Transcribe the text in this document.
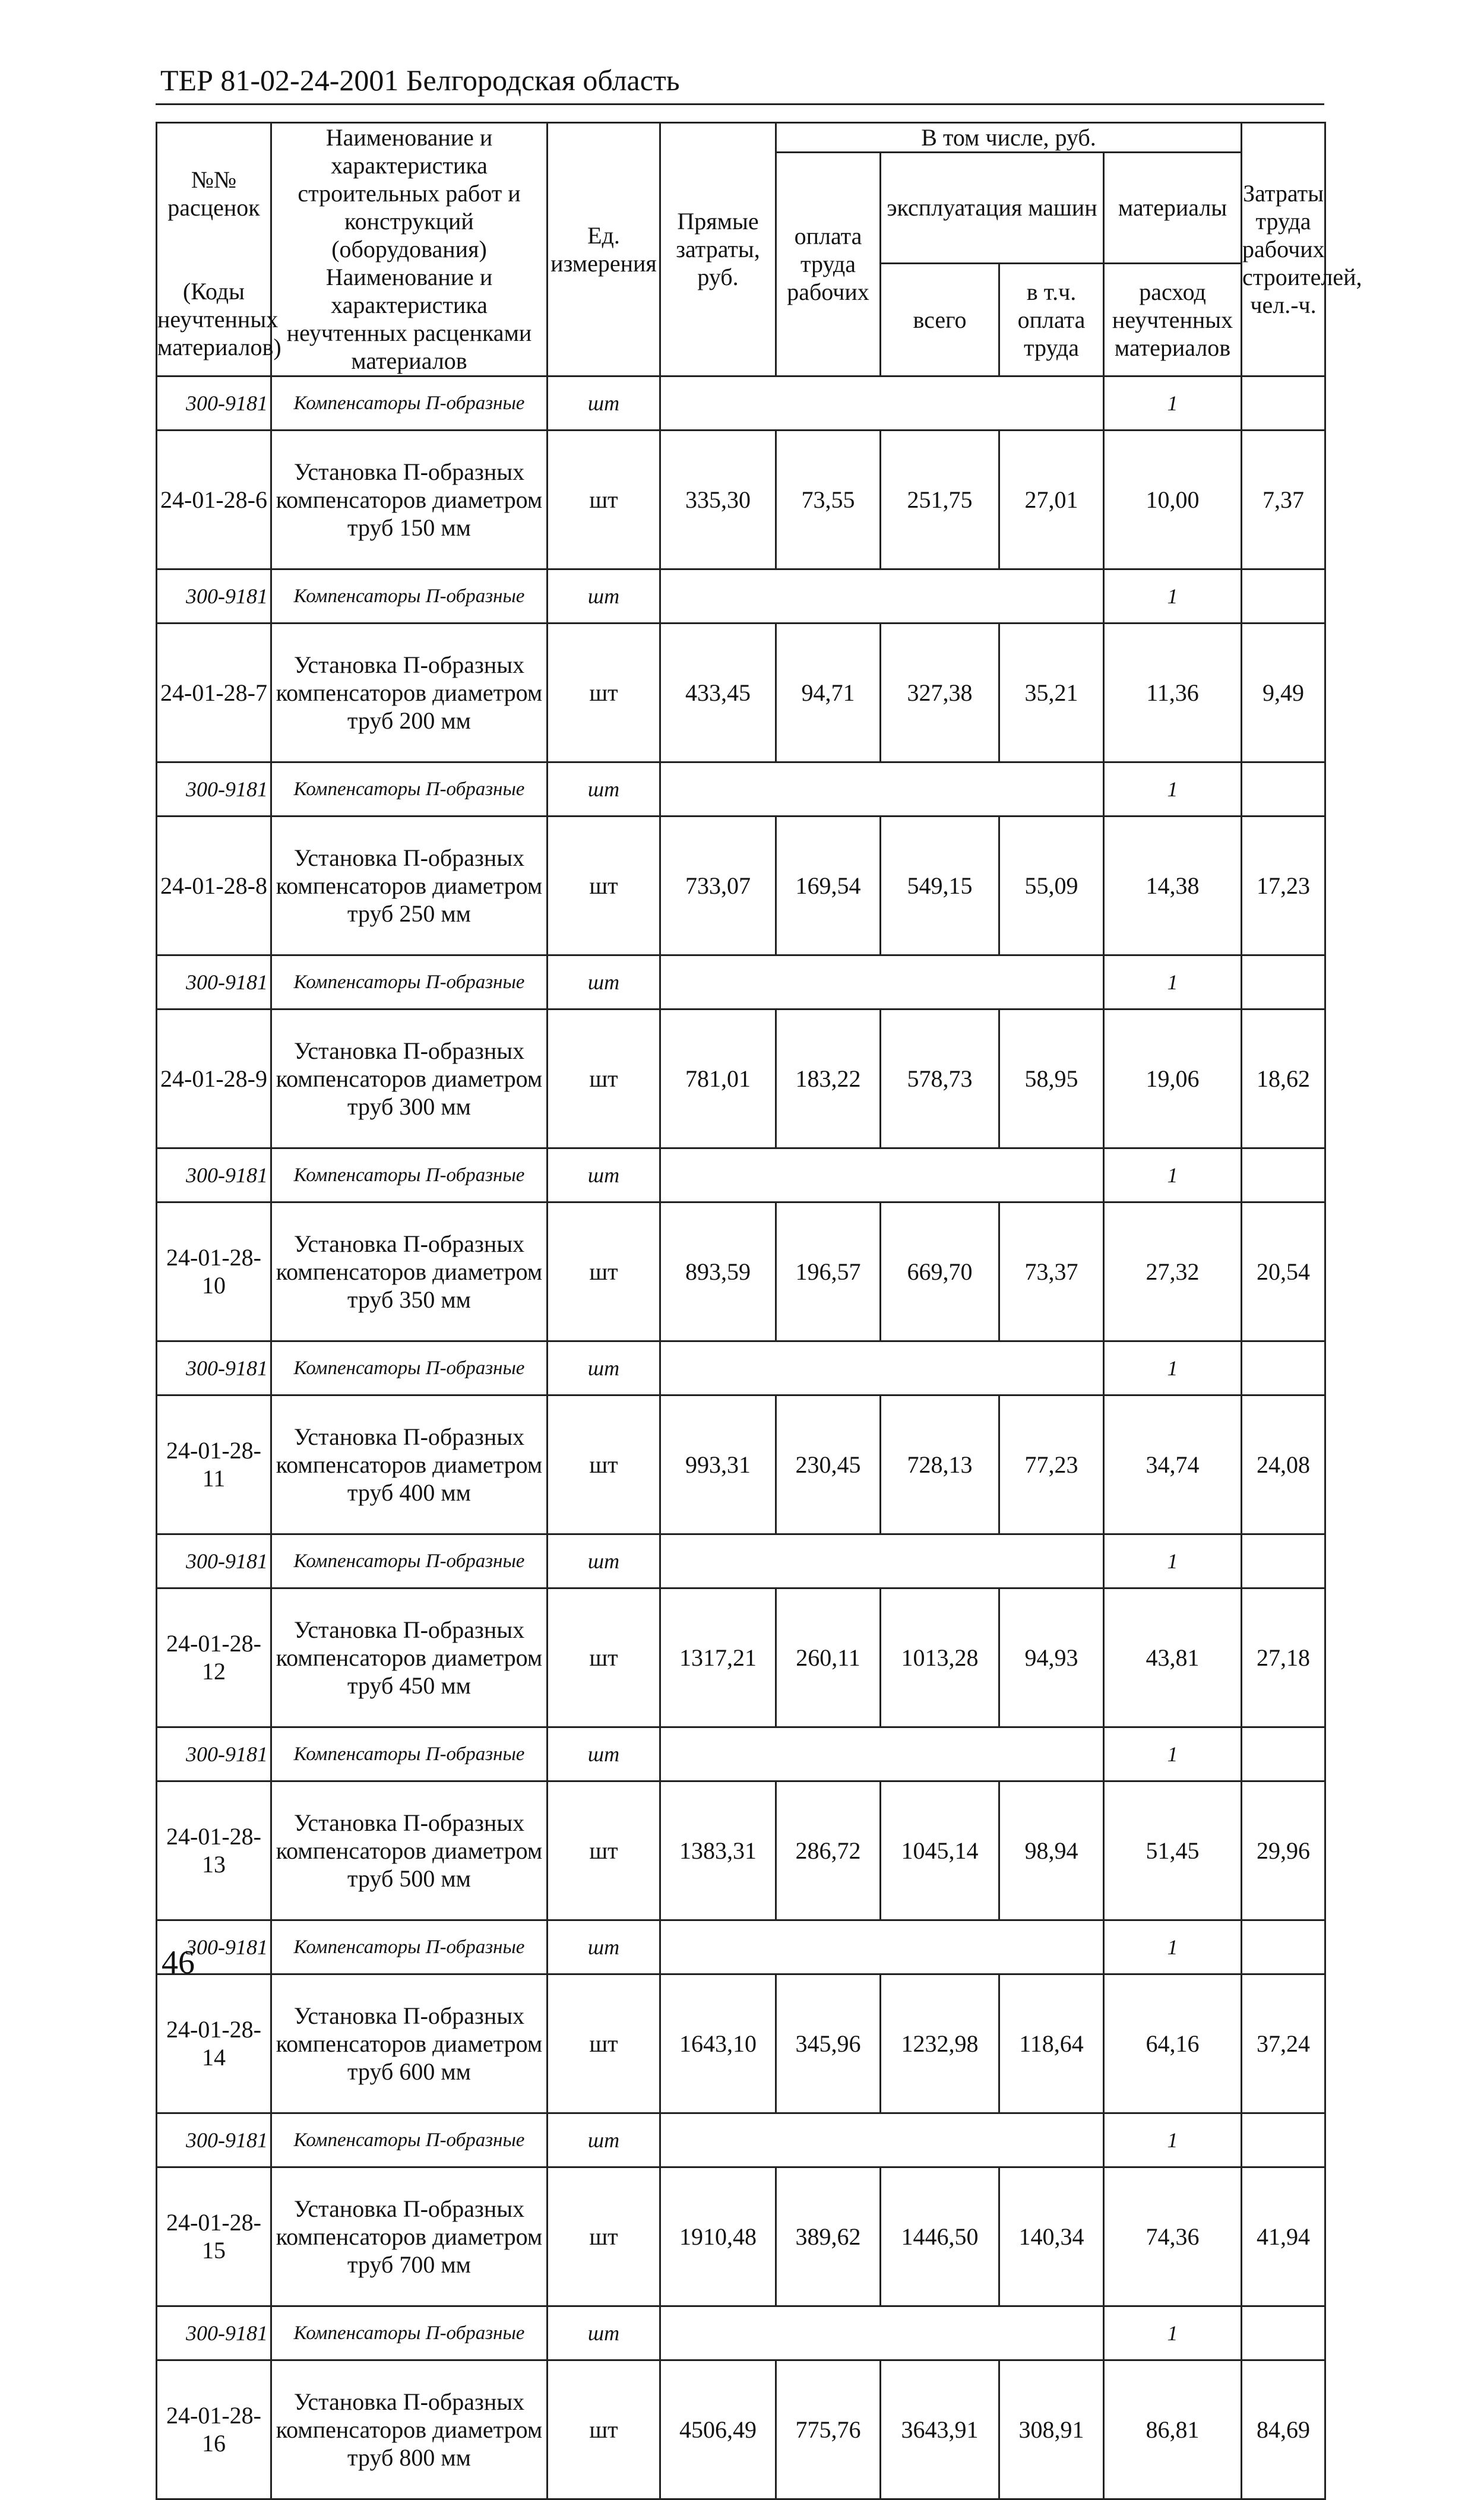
ТЕР 81-02-24-2001 Белгородская область
№№ расценок	Наименование и характеристика строительных работ и конструкций (оборудования)	Ед. измерения	Прямые затраты, руб.	В том числе, руб.				Затраты труда рабочих строителей, чел.-ч.
				оплата труда рабочих	эксплуатация машин		материалы	

(Коды неучтенных материалов)	Наименование и характеристика неучтенных расценками материалов				всего	в т.ч. оплата труда	расход неучтенных материалов	

300-9181	Компенсаторы П-образные	шт					1	
24-01-28-6	Установка П-образных компенсаторов диаметром труб 150 мм	шт	335,30	73,55	251,75	27,01	10,00	7,37
300-9181	Компенсаторы П-образные	шт					1	
24-01-28-7	Установка П-образных компенсаторов диаметром труб 200 мм	шт	433,45	94,71	327,38	35,21	11,36	9,49
300-9181	Компенсаторы П-образные	шт					1	
24-01-28-8	Установка П-образных компенсаторов диаметром труб 250 мм	шт	733,07	169,54	549,15	55,09	14,38	17,23
300-9181	Компенсаторы П-образные	шт					1	
24-01-28-9	Установка П-образных компенсаторов диаметром труб 300 мм	шт	781,01	183,22	578,73	58,95	19,06	18,62
300-9181	Компенсаторы П-образные	шт					1	
24-01-28-10	Установка П-образных компенсаторов диаметром труб 350 мм	шт	893,59	196,57	669,70	73,37	27,32	20,54
300-9181	Компенсаторы П-образные	шт					1	
24-01-28-11	Установка П-образных компенсаторов диаметром труб 400 мм	шт	993,31	230,45	728,13	77,23	34,74	24,08
300-9181	Компенсаторы П-образные	шт					1	
24-01-28-12	Установка П-образных компенсаторов диаметром труб 450 мм	шт	1317,21	260,11	1013,28	94,93	43,81	27,18
300-9181	Компенсаторы П-образные	шт					1	
24-01-28-13	Установка П-образных компенсаторов диаметром труб 500 мм	шт	1383,31	286,72	1045,14	98,94	51,45	29,96
300-9181	Компенсаторы П-образные	шт					1	
24-01-28-14	Установка П-образных компенсаторов диаметром труб 600 мм	шт	1643,10	345,96	1232,98	118,64	64,16	37,24
300-9181	Компенсаторы П-образные	шт					1	
24-01-28-15	Установка П-образных компенсаторов диаметром труб 700 мм	шт	1910,48	389,62	1446,50	140,34	74,36	41,94
300-9181	Компенсаторы П-образные	шт					1	
24-01-28-16	Установка П-образных компенсаторов диаметром труб 800 мм	шт	4506,49	775,76	3643,91	308,91	86,81	84,69
46
